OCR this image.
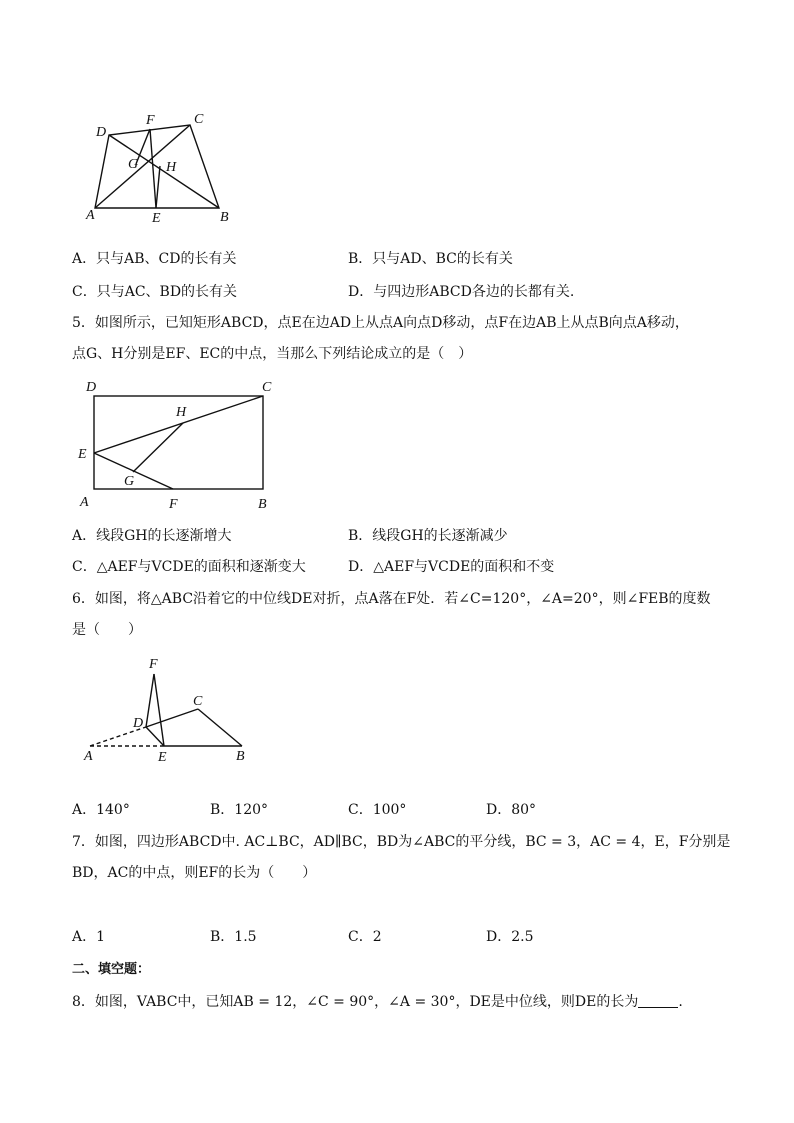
D
F	C
G H
A	E	B
A．只与AB、CD的长有关	B．只与AD、BC的长有关
C．只与AC、BD的长有关	D．与四边形ABCD各边的长都有关.
5．如图所示，已知矩形ABCD，点E在边AD上从点A向点D移动，点F在边AB上从点B向点A移动，
点G、H分别是EF、EC的中点，当那么下列结论成立的是（　）
D	C
H
E
G
A	F	B
A．线段GH的长逐渐增大	B．线段GH的长逐渐减少
C．△AEF与VCDE的面积和逐渐变大	D．△AEF与VCDE的面积和不变
6．如图，将△ABC沿着它的中位线DE对折，点A落在F处．若∠C=120°，∠A=20°，则∠FEB的度数
是（　　）
F
C
D
A	E	B
A．140°	B．120°	C．100°	D．80°
7．如图，四边形ABCD中. AC⊥BC，AD∥BC，BD为∠ABC的平分线，BC = 3，AC = 4，E，F分别是
BD，AC的中点，则EF的长为（　　）
A．1	B．1.5	C．2	D．2.5
二、填空题：
8．如图，VABC中，已知AB = 12，∠C = 90°，∠A = 30°，DE是中位线，则DE的长为	.
